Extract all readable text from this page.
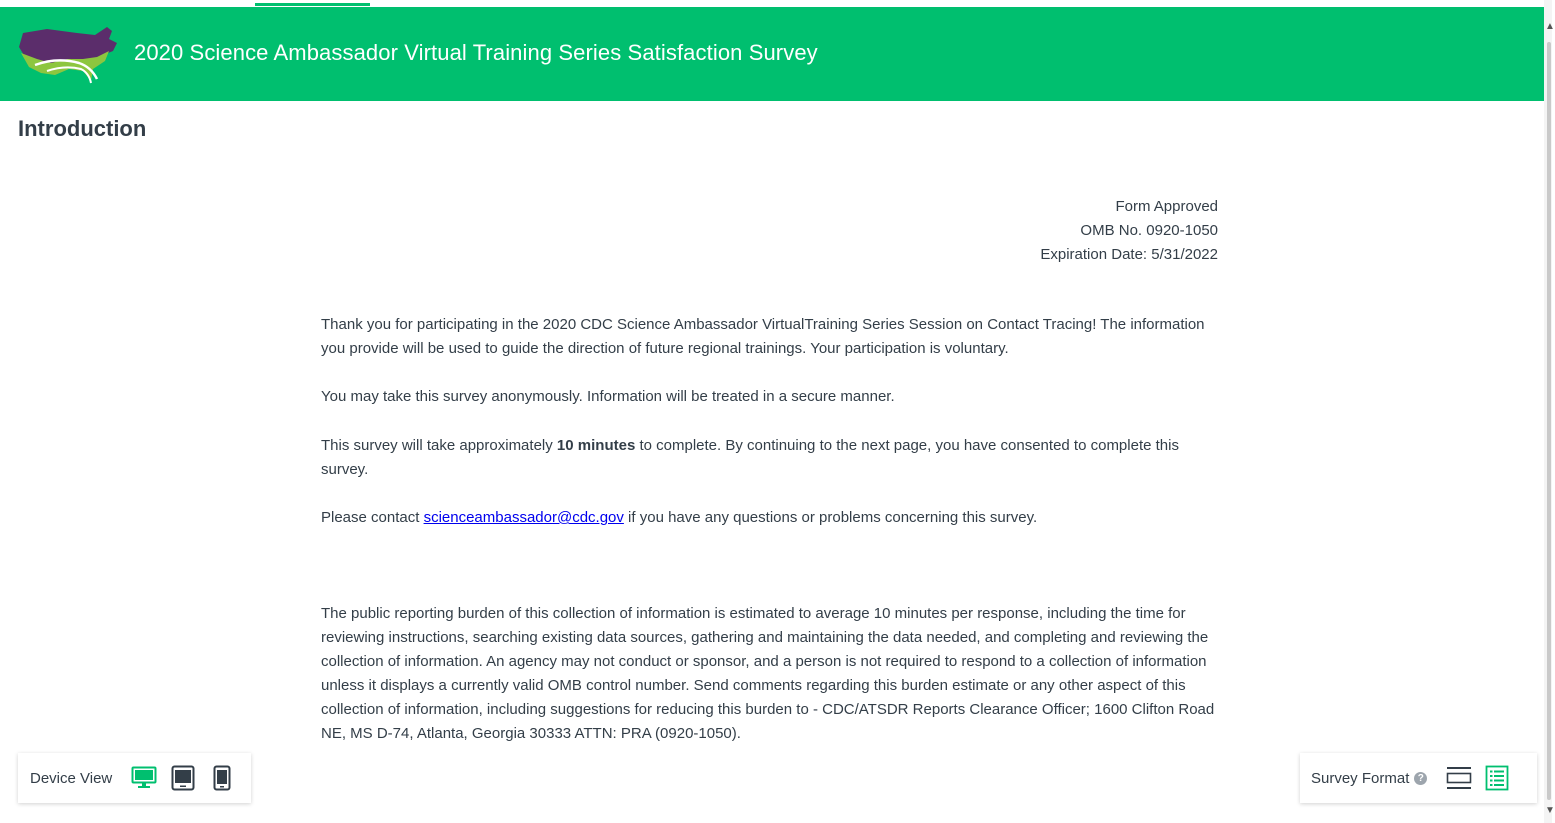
2020 Science Ambassador Virtual Training Series Satisfaction Survey
▲
▼
Introduction
Form Approved
OMB No. 0920-1050
Expiration Date: 5/31/2022

Thank you for participating in the 2020 CDC Science Ambassador VirtualTraining Series Session on Contact Tracing! The information you provide will be used to guide the direction of future regional trainings. Your participation is voluntary.

You may take this survey anonymously. Information will be treated in a secure manner.

This survey will take approximately 10 minutes to complete. By continuing to the next page, you have consented to complete this survey.

Please contact scienceambassador@cdc.gov if you have any questions or problems concerning this survey.

The public reporting burden of this collection of information is estimated to average 10 minutes per response, including the time for reviewing instructions, searching existing data sources, gathering and maintaining the data needed, and completing and reviewing the collection of information. An agency may not conduct or sponsor, and a person is not required to respond to a collection of information unless it displays a currently valid OMB control number. Send comments regarding this burden estimate or any other aspect of this collection of information, including suggestions for reducing this burden to - CDC/ATSDR Reports Clearance Officer; 1600 Clifton Road NE, MS D-74, Atlanta, Georgia 30333 ATTN: PRA (0920-1050).

Device View	Survey Format ?
